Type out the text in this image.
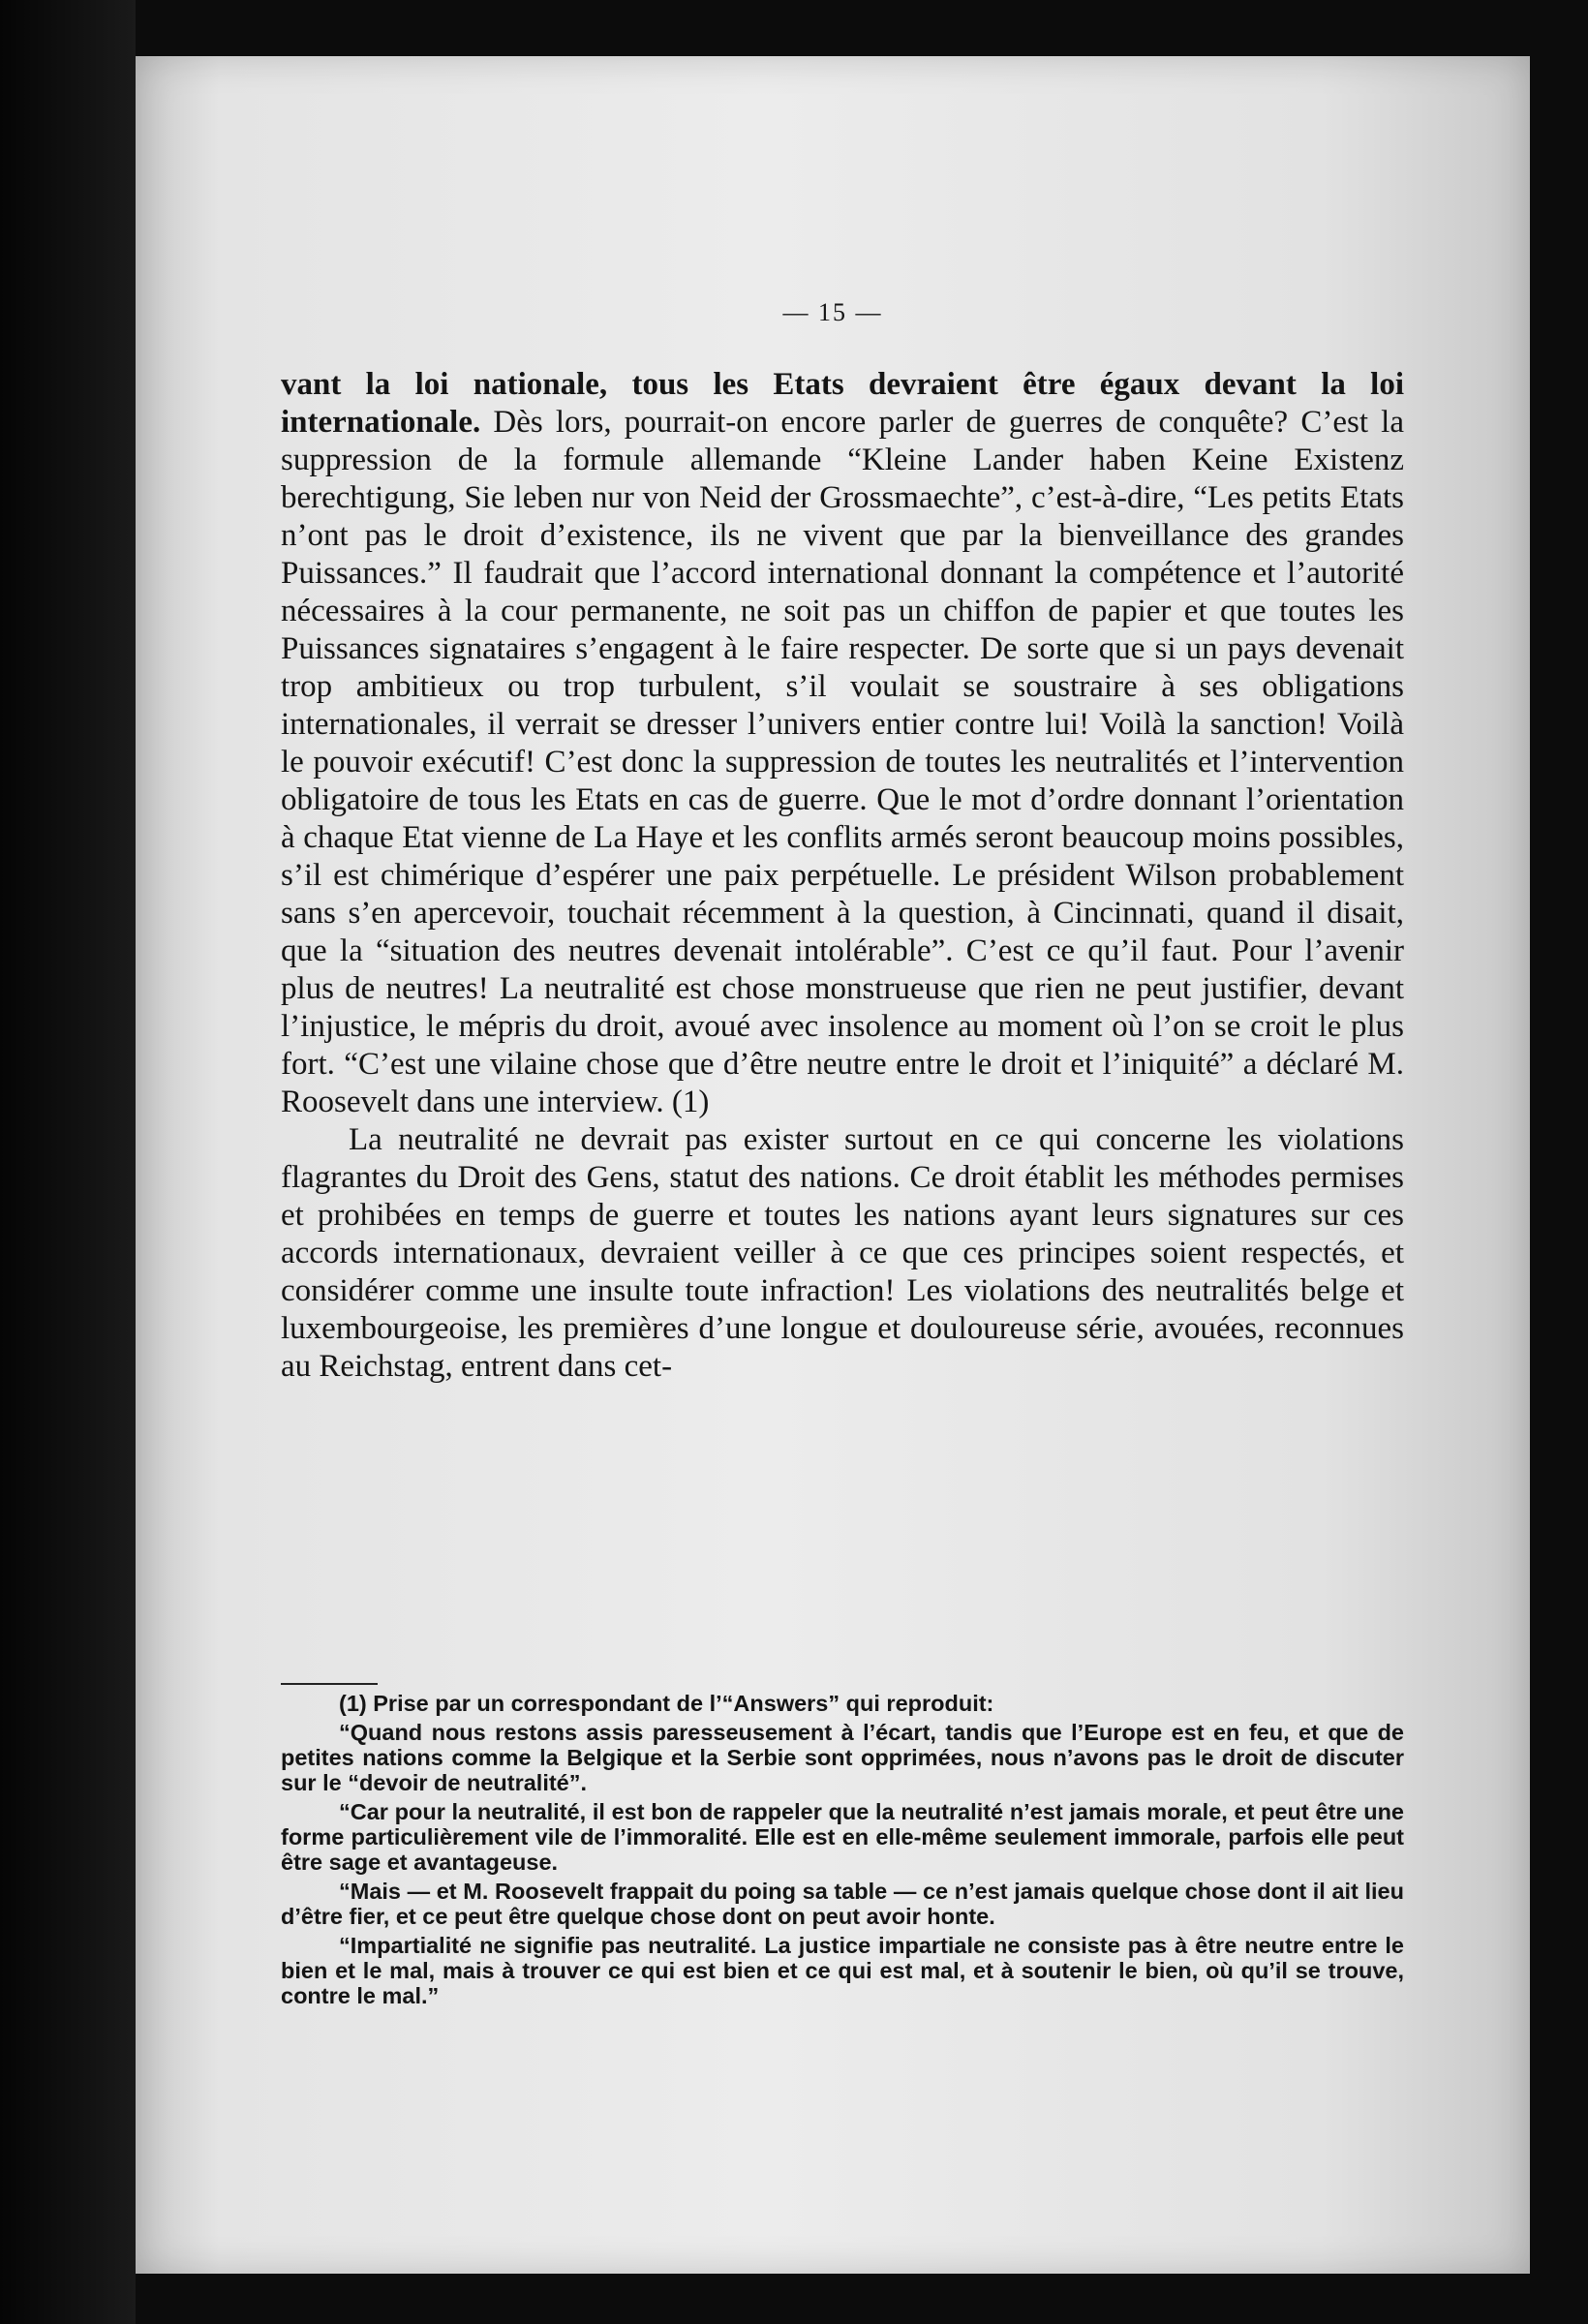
— 15 —

vant la loi nationale, tous les Etats devraient être égaux devant la loi internationale. Dès lors, pourrait-on encore parler de guerres de conquête? C’est la suppression de la formule allemande “Kleine Lander haben Keine Existenz berechtigung, Sie leben nur von Neid der Grossmaechte”, c’est-à-dire, “Les petits Etats n’ont pas le droit d’existence, ils ne vivent que par la bienveillance des grandes Puissances.” Il faudrait que l’accord international donnant la compétence et l’autorité nécessaires à la cour permanente, ne soit pas un chiffon de papier et que toutes les Puissances signataires s’engagent à le faire respecter. De sorte que si un pays devenait trop ambitieux ou trop turbulent, s’il voulait se soustraire à ses obligations internationales, il verrait se dresser l’univers entier contre lui! Voilà la sanction! Voilà le pouvoir exécutif! C’est donc la suppression de toutes les neutralités et l’intervention obligatoire de tous les Etats en cas de guerre. Que le mot d’ordre donnant l’orientation à chaque Etat vienne de La Haye et les conflits armés seront beaucoup moins possibles, s’il est chimérique d’espérer une paix perpétuelle. Le président Wilson probablement sans s’en apercevoir, touchait récemment à la question, à Cincinnati, quand il disait, que la “situation des neutres devenait intolérable”. C’est ce qu’il faut. Pour l’avenir plus de neutres! La neutralité est chose monstrueuse que rien ne peut justifier, devant l’injustice, le mépris du droit, avoué avec insolence au moment où l’on se croit le plus fort. “C’est une vilaine chose que d’être neutre entre le droit et l’iniquité” a déclaré M. Roosevelt dans une interview. (1)

La neutralité ne devrait pas exister surtout en ce qui concerne les violations flagrantes du Droit des Gens, statut des nations. Ce droit établit les méthodes permises et prohibées en temps de guerre et toutes les nations ayant leurs signatures sur ces accords internationaux, devraient veiller à ce que ces principes soient respectés, et considérer comme une insulte toute infraction! Les violations des neutralités belge et luxembourgeoise, les premières d’une longue et douloureuse série, avouées, reconnues au Reichstag, entrent dans cet-

(1) Prise par un correspondant de l’“Answers” qui reproduit:

“Quand nous restons assis paresseusement à l’écart, tandis que l’Europe est en feu, et que de petites nations comme la Belgique et la Serbie sont opprimées, nous n’avons pas le droit de discuter sur le “devoir de neutralité”.

“Car pour la neutralité, il est bon de rappeler que la neutralité n’est jamais morale, et peut être une forme particulièrement vile de l’immoralité. Elle est en elle-même seulement immorale, parfois elle peut être sage et avantageuse.

“Mais — et M. Roosevelt frappait du poing sa table — ce n’est jamais quelque chose dont il ait lieu d’être fier, et ce peut être quelque chose dont on peut avoir honte.

“Impartialité ne signifie pas neutralité. La justice impartiale ne consiste pas à être neutre entre le bien et le mal, mais à trouver ce qui est bien et ce qui est mal, et à soutenir le bien, où qu’il se trouve, contre le mal.”
